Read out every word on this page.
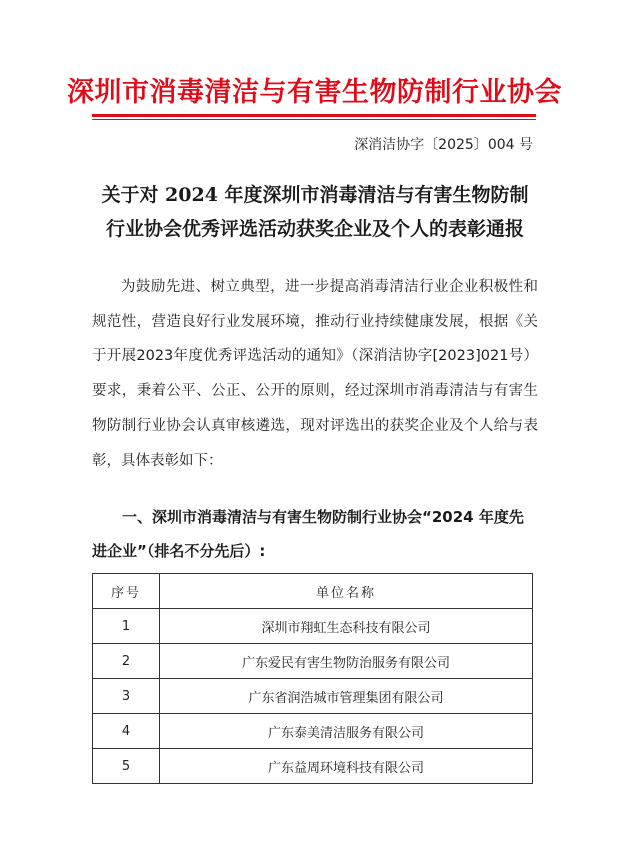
深圳市消毒清洁与有害生物防制行业协会
深消洁协字〔2025〕004 号
关于对 2024 年度深圳市消毒清洁与有害生物防制行业协会优秀评选活动获奖企业及个人的表彰通报

为鼓励先进、树立典型，进一步提高消毒清洁行业企业积极性和 规范性，营造良好行业发展环境，推动行业持续健康发展，根据《关于开展2023年度优秀评选活动的通知》（深消洁协字[2023]021号）要求，秉着公平、公正、公开的原则，经过深圳市消毒清洁与有害生物防制行业协会认真审核遴选，现对评选出的获奖企业及个人给与表彰，具体表彰如下：

一、深圳市消毒清洁与有害生物防制行业协会“2024 年度先进企业”（排名不分先后）:
序号	单位名称
1	深圳市翔虹生态科技有限公司
2	广东爱民有害生物防治服务有限公司
3	广东省润浩城市管理集团有限公司
4	广东泰美清洁服务有限公司
5	广东益周环境科技有限公司
